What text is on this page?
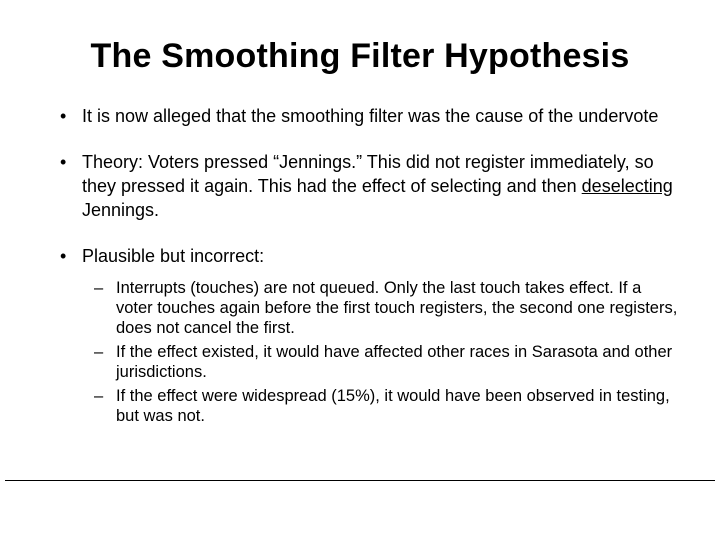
The Smoothing Filter Hypothesis
• It is now alleged that the smoothing filter was the cause of the undervote
• Theory: Voters pressed “Jennings.” This did not register immediately, so they pressed it again. This had the effect of selecting and then deselecting Jennings.
• Plausible but incorrect:
– Interrupts (touches) are not queued. Only the last touch takes effect. If a voter touches again before the first touch registers, the second one registers, does not cancel the first.
– If the effect existed, it would have affected other races in Sarasota and other jurisdictions.
– If the effect were widespread (15%), it would have been observed in testing, but was not.
